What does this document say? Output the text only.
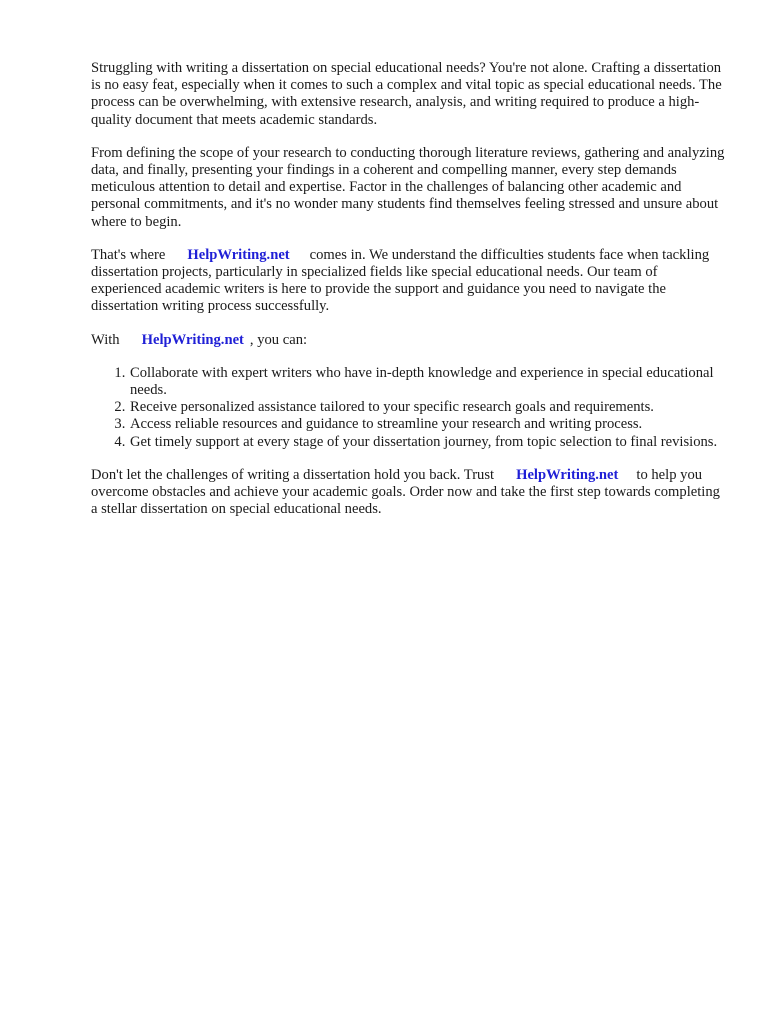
Struggling with writing a dissertation on special educational needs? You're not alone. Crafting a dissertation is no easy feat, especially when it comes to such a complex and vital topic as special educational needs. The process can be overwhelming, with extensive research, analysis, and writing required to produce a high-quality document that meets academic standards.

From defining the scope of your research to conducting thorough literature reviews, gathering and analyzing data, and finally, presenting your findings in a coherent and compelling manner, every step demands meticulous attention to detail and expertise. Factor in the challenges of balancing other academic and personal commitments, and it's no wonder many students find themselves feeling stressed and unsure about where to begin.

That's where HelpWriting.net comes in. We understand the difficulties students face when tackling dissertation projects, particularly in specialized fields like special educational needs. Our team of experienced academic writers is here to provide the support and guidance you need to navigate the dissertation writing process successfully.

With HelpWriting.net , you can:

1. Collaborate with expert writers who have in-depth knowledge and experience in special educational needs.
2. Receive personalized assistance tailored to your specific research goals and requirements.
3. Access reliable resources and guidance to streamline your research and writing process.
4. Get timely support at every stage of your dissertation journey, from topic selection to final revisions.

Don't let the challenges of writing a dissertation hold you back. Trust HelpWriting.net to help you overcome obstacles and achieve your academic goals. Order now and take the first step towards completing a stellar dissertation on special educational needs.
